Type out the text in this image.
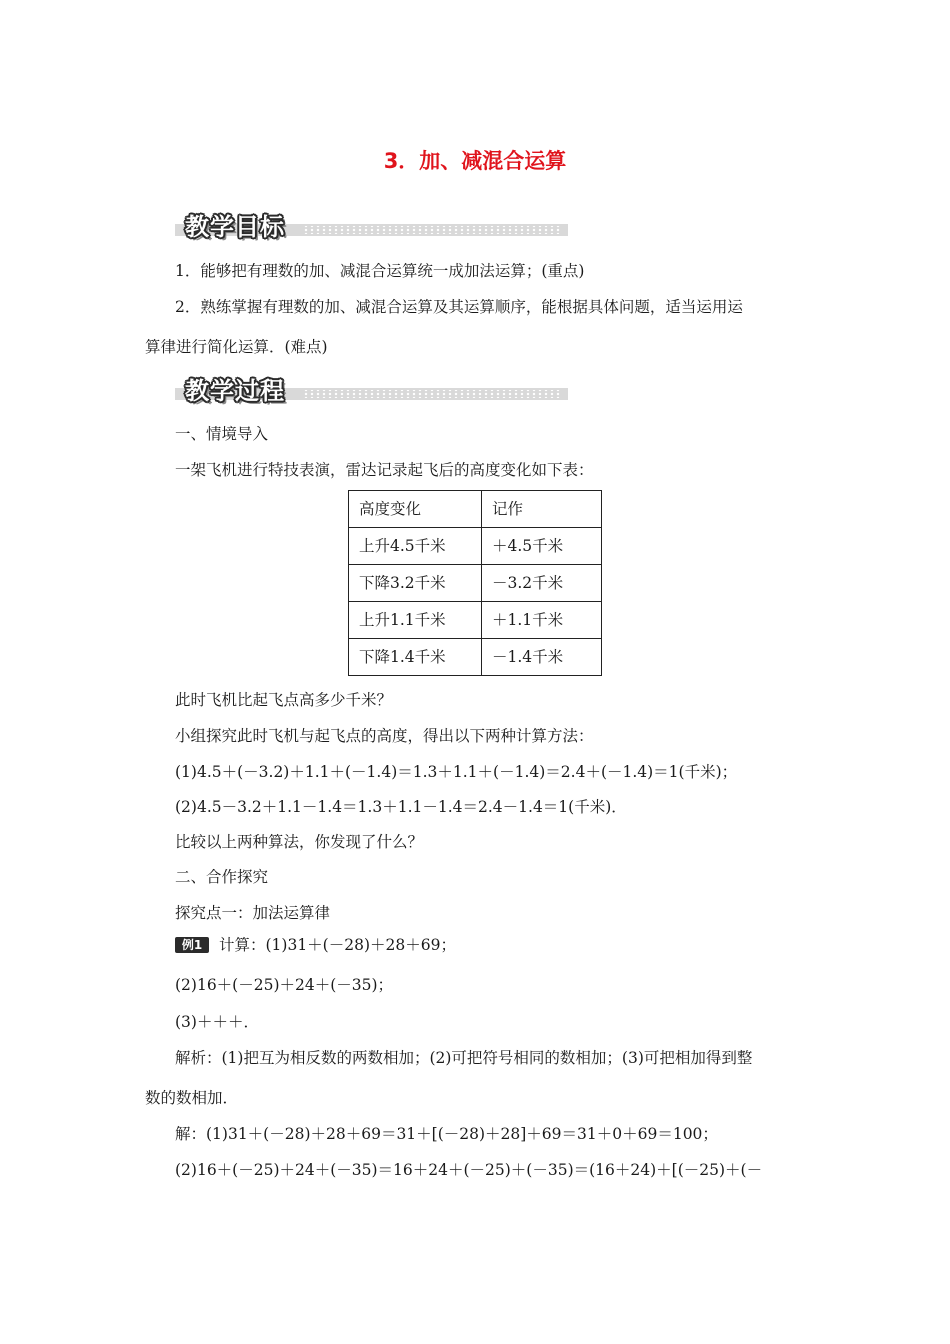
3．加、减混合运算
教学目标
1．能够把有理数的加、减混合运算统一成加法运算；(重点)
2．熟练掌握有理数的加、减混合运算及其运算顺序，能根据具体问题，适当运用运
算律进行简化运算．(难点)
教学过程
一、情境导入
一架飞机进行特技表演，雷达记录起飞后的高度变化如下表：
高度变化	记作
上升4.5千米	＋4.5千米
下降3.2千米	－3.2千米
上升1.1千米	＋1.1千米
下降1.4千米	－1.4千米
此时飞机比起飞点高多少千米？
小组探究此时飞机与起飞点的高度，得出以下两种计算方法：
(1)4.5＋(－3.2)＋1.1＋(－1.4)＝1.3＋1.1＋(－1.4)＝2.4＋(－1.4)＝1(千米)；
(2)4.5－3.2＋1.1－1.4＝1.3＋1.1－1.4＝2.4－1.4＝1(千米)．
比较以上两种算法，你发现了什么？
二、合作探究
探究点一：加法运算律
例1	计算：(1)31＋(－28)＋28＋69；
(2)16＋(－25)＋24＋(－35)；
(3)＋＋＋．
解析：(1)把互为相反数的两数相加；(2)可把符号相同的数相加；(3)可把相加得到整
数的数相加．
解：(1)31＋(－28)＋28＋69＝31＋[(－28)＋28]＋69＝31＋0＋69＝100；
(2)16＋(－25)＋24＋(－35)＝16＋24＋(－25)＋(－35)＝(16＋24)＋[(－25)＋(－
